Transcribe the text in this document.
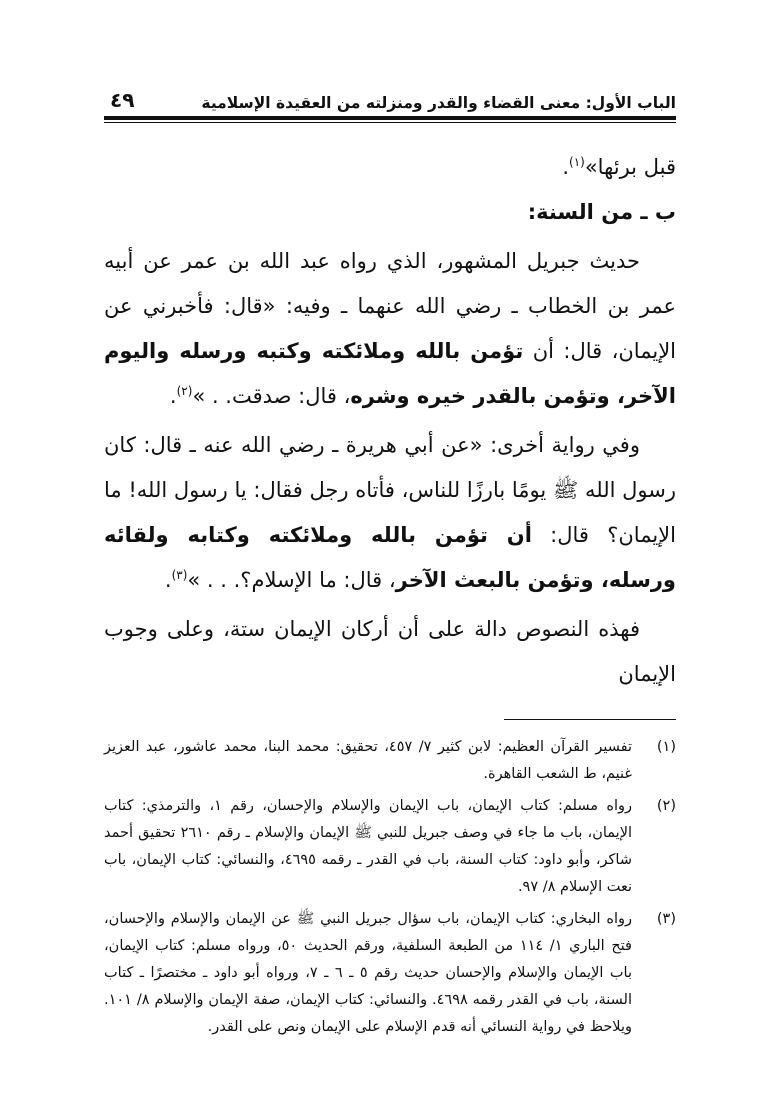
الباب الأول: معنى القضاء والقدر ومنزلته من العقيدة الإسلامية
٤٩

قبل برئها»$^{(١)}$.

ب ـ من السنة:

حديث جبريل المشهور، الذي رواه عبد الله بن عمر عن أبيه عمر بن الخطاب ـ رضي الله عنهما ـ وفيه: «قال: فأخبرني عن الإيمان، قال: أن تؤمن بالله وملائكته وكتبه ورسله واليوم الآخر، وتؤمن بالقدر خيره وشره، قال: صدقت. . »$^{(٢)}$.

وفي رواية أخرى: «عن أبي هريرة ـ رضي الله عنه ـ قال: كان رسول الله ﷺ يومًا بارزًا للناس، فأتاه رجل فقال: يا رسول الله! ما الإيمان؟ قال: أن تؤمن بالله وملائكته وكتابه ولقائه ورسله، وتؤمن بالبعث الآخر، قال: ما الإسلام؟. . . »$^{(٣)}$.

فهذه النصوص دالة على أن أركان الإيمان ستة، وعلى وجوب الإيمان

(١)
تفسير القرآن العظيم: لابن كثير ٧/ ٤٥٧، تحقيق: محمد البنا، محمد عاشور، عبد العزيز غنيم، ط الشعب القاهرة.
(٢)
رواه مسلم: كتاب الإيمان، باب الإيمان والإسلام والإحسان، رقم ١، والترمذي: كتاب الإيمان، باب ما جاء في وصف جبريل للنبي ﷺ الإيمان والإسلام ـ رقم ٢٦١٠ تحقيق أحمد شاكر، وأبو داود: كتاب السنة، باب في القدر ـ رقمه ٤٦٩٥، والنسائي: كتاب الإيمان، باب نعت الإسلام ٨/ ٩٧.
(٣)
رواه البخاري: كتاب الإيمان، باب سؤال جبريل النبي ﷺ عن الإيمان والإسلام والإحسان، فتح الباري ١/ ١١٤ من الطبعة السلفية، ورقم الحديث ٥٠، ورواه مسلم: كتاب الإيمان، باب الإيمان والإسلام والإحسان حديث رقم ٥ ـ ٦ ـ ٧، ورواه أبو داود ـ مختصرًا ـ كتاب السنة، باب في القدر رقمه ٤٦٩٨. والنسائي: كتاب الإيمان، صفة الإيمان والإسلام ٨/ ١٠١. ويلاحظ في رواية النسائي أنه قدم الإسلام على الإيمان ونص على القدر.
